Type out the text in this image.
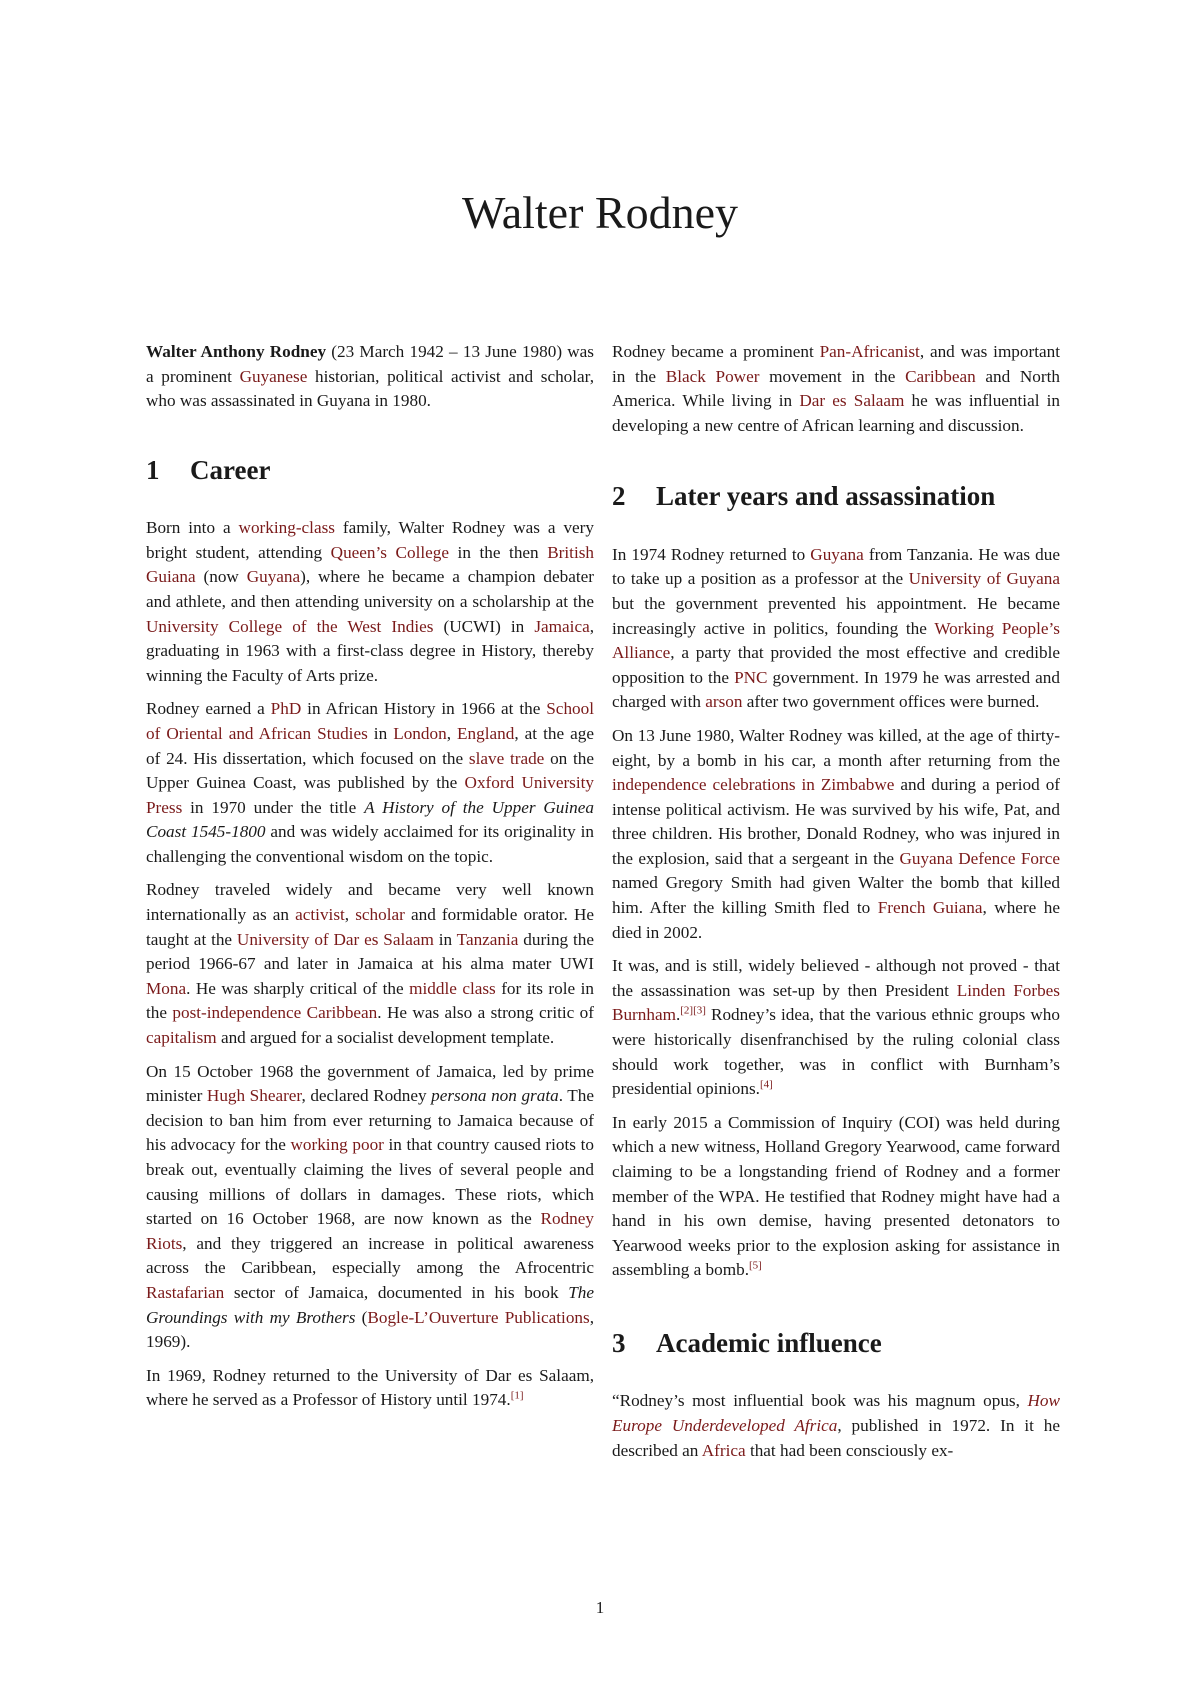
Walter Rodney

Walter Anthony Rodney (23 March 1942 – 13 June 1980) was a prominent Guyanese historian, political activist and scholar, who was assassinated in Guyana in 1980.

1 Career

Born into a working-class family, Walter Rodney was a very bright student, attending Queen’s College in the then British Guiana (now Guyana), where he became a champion debater and athlete, and then attending university on a scholarship at the University College of the West Indies (UCWI) in Jamaica, graduating in 1963 with a first-class degree in History, thereby winning the Faculty of Arts prize.

Rodney earned a PhD in African History in 1966 at the School of Oriental and African Studies in London, England, at the age of 24. His dissertation, which focused on the slave trade on the Upper Guinea Coast, was published by the Oxford University Press in 1970 under the title A History of the Upper Guinea Coast 1545-1800 and was widely acclaimed for its originality in challenging the conventional wisdom on the topic.

Rodney traveled widely and became very well known internationally as an activist, scholar and formidable orator. He taught at the University of Dar es Salaam in Tanzania during the period 1966-67 and later in Jamaica at his alma mater UWI Mona. He was sharply critical of the middle class for its role in the post-independence Caribbean. He was also a strong critic of capitalism and argued for a socialist development template.

On 15 October 1968 the government of Jamaica, led by prime minister Hugh Shearer, declared Rodney persona non grata. The decision to ban him from ever returning to Jamaica because of his advocacy for the working poor in that country caused riots to break out, eventually claiming the lives of several people and causing millions of dollars in damages. These riots, which started on 16 October 1968, are now known as the Rodney Riots, and they triggered an increase in political awareness across the Caribbean, especially among the Afrocentric Rastafarian sector of Jamaica, documented in his book The Groundings with my Brothers (Bogle-L’Ouverture Publications, 1969).

In 1969, Rodney returned to the University of Dar es Salaam, where he served as a Professor of History until 1974.[1]

Rodney became a prominent Pan-Africanist, and was important in the Black Power movement in the Caribbean and North America. While living in Dar es Salaam he was influential in developing a new centre of African learning and discussion.

2 Later years and assassination

In 1974 Rodney returned to Guyana from Tanzania. He was due to take up a position as a professor at the University of Guyana but the government prevented his appointment. He became increasingly active in politics, founding the Working People’s Alliance, a party that provided the most effective and credible opposition to the PNC government. In 1979 he was arrested and charged with arson after two government offices were burned.

On 13 June 1980, Walter Rodney was killed, at the age of thirty-eight, by a bomb in his car, a month after returning from the independence celebrations in Zimbabwe and during a period of intense political activism. He was survived by his wife, Pat, and three children. His brother, Donald Rodney, who was injured in the explosion, said that a sergeant in the Guyana Defence Force named Gregory Smith had given Walter the bomb that killed him. After the killing Smith fled to French Guiana, where he died in 2002.

It was, and is still, widely believed - although not proved - that the assassination was set-up by then President Linden Forbes Burnham.[2][3] Rodney’s idea, that the various ethnic groups who were historically disenfranchised by the ruling colonial class should work together, was in conflict with Burnham’s presidential opinions.[4]

In early 2015 a Commission of Inquiry (COI) was held during which a new witness, Holland Gregory Yearwood, came forward claiming to be a longstanding friend of Rodney and a former member of the WPA. He testified that Rodney might have had a hand in his own demise, having presented detonators to Yearwood weeks prior to the explosion asking for assistance in assembling a bomb.[5]

3 Academic influence

“Rodney’s most influential book was his magnum opus, How Europe Underdeveloped Africa, published in 1972. In it he described an Africa that had been consciously ex-

1
